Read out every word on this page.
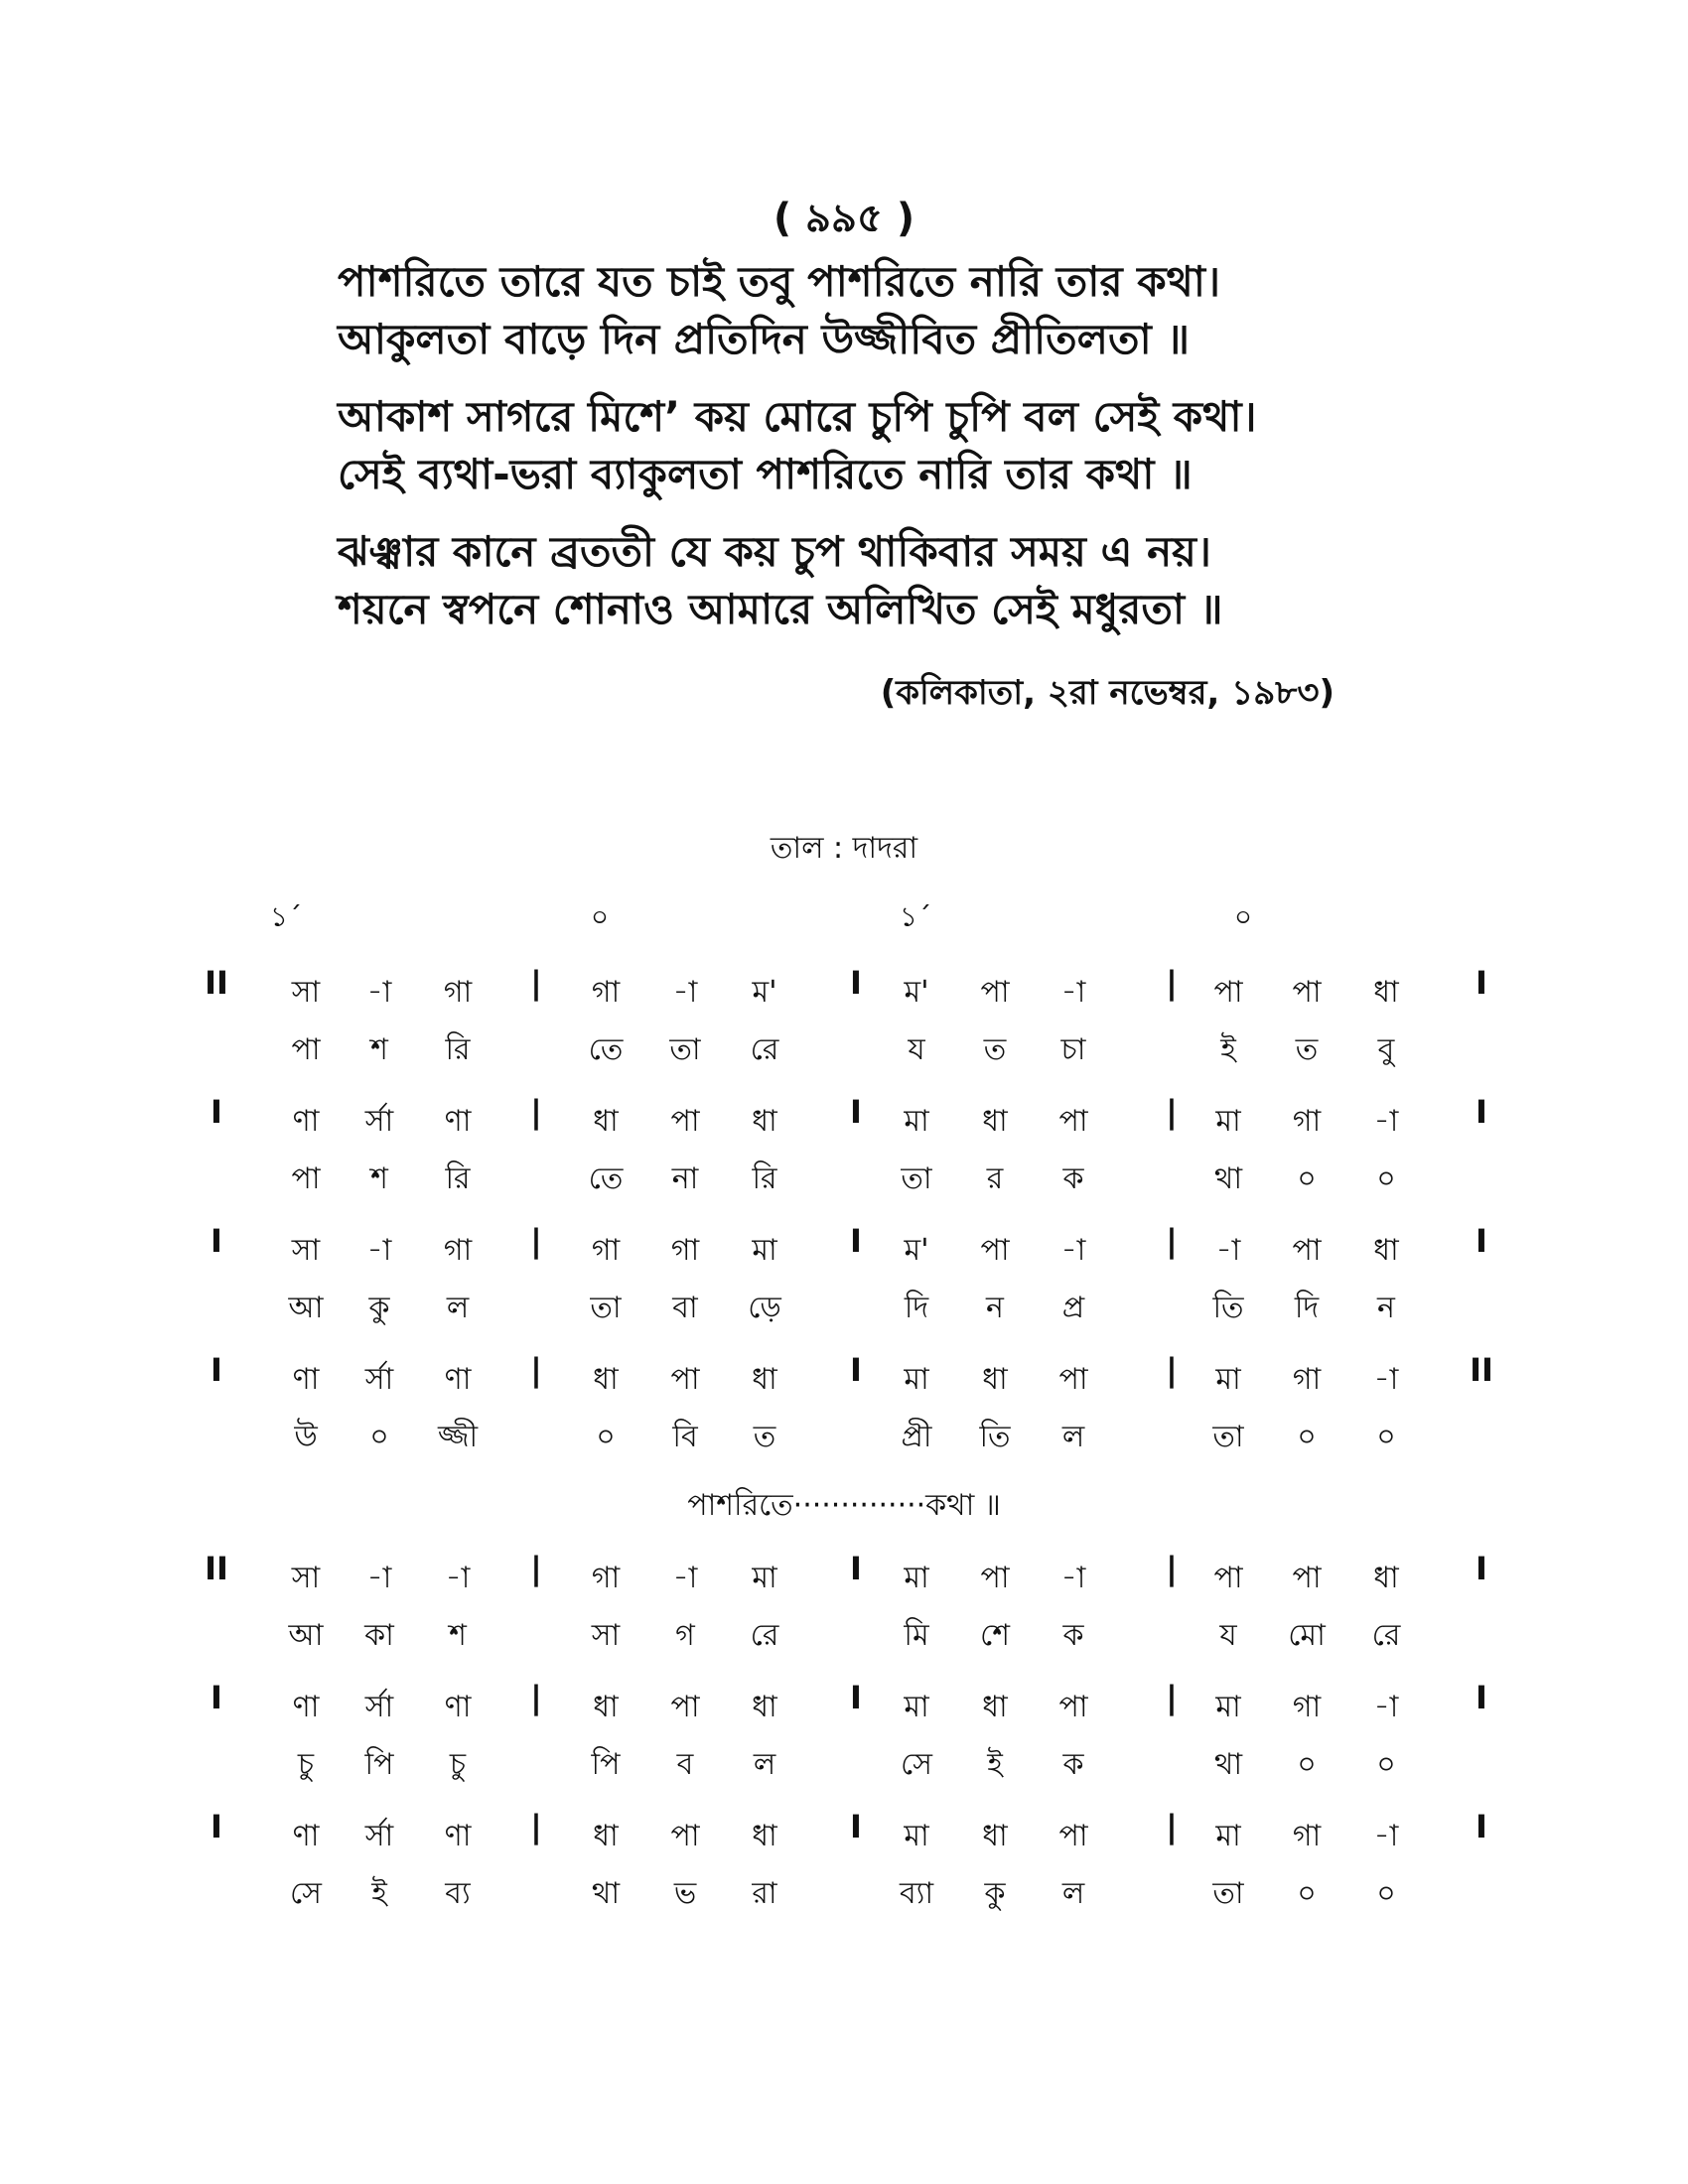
( ৯৯৫ )
পাশরিতে তারে যত চাই তবু পাশরিতে নারি তার কথা।
আকুলতা বাড়ে দিন প্রতিদিন উজ্জীবিত প্রীতিলতা ॥
আকাশ সাগরে মিশে’ কয় মোরে চুপি চুপি বল সেই কথা।
সেই ব্যথা-ভরা ব্যাকুলতা পাশরিতে নারি তার কথা ॥
ঝঞ্ঝার কানে ব্রততী যে কয় চুপ থাকিবার সময় এ নয়।
শয়নে স্বপনে শোনাও আমারে অলিখিত সেই মধুরতা ॥
(কলিকাতা, ২রা নভেম্বর, ১৯৮৩)
তাল : দাদরা
১´	০	১´	০
II	I
|	I	|
সা -া গা	গা -া ম'	ম' পা -া	পা পা ধা
পা শ রি	তে তা রে	য ত চা	ই ত বু
I	I
|	I	|
ণা র্সা ণা	ধা পা ধা	মা ধা পা	মা গা -া
পা শ রি	তে না রি	তা র ক	থা ০ ০
I	I
|	I	|
সা -া গা	গা গা মা	ম' পা -া	-া পা ধা
আ কু ল	তা বা ড়ে	দি ন প্র	তি দি ন
I	II
|	I	|
ণা র্সা ণা	ধা পা ধা	মা ধা পা	মা গা -া
উ ০ জ্জী	০ বি ত	প্রী তি ল	তা ০ ০
II	I
|	I	|
সা -া -া	গা -া মা	মা পা -া	পা পা ধা
আ কা শ	সা গ রে	মি শে ক	য মো রে
I	I
|	I	|
ণা র্সা ণা	ধা পা ধা	মা ধা পা	মা গা -া
চু পি চু	পি ব ল	সে ই ক	থা ০ ০
I	I
|	I	|
ণা র্সা ণা	ধা পা ধা	মা ধা পা	মা গা -া
সে ই ব্য	থা ভ রা	ব্যা কু ল	তা ০ ০
পাশরিতে··············কথা ॥
